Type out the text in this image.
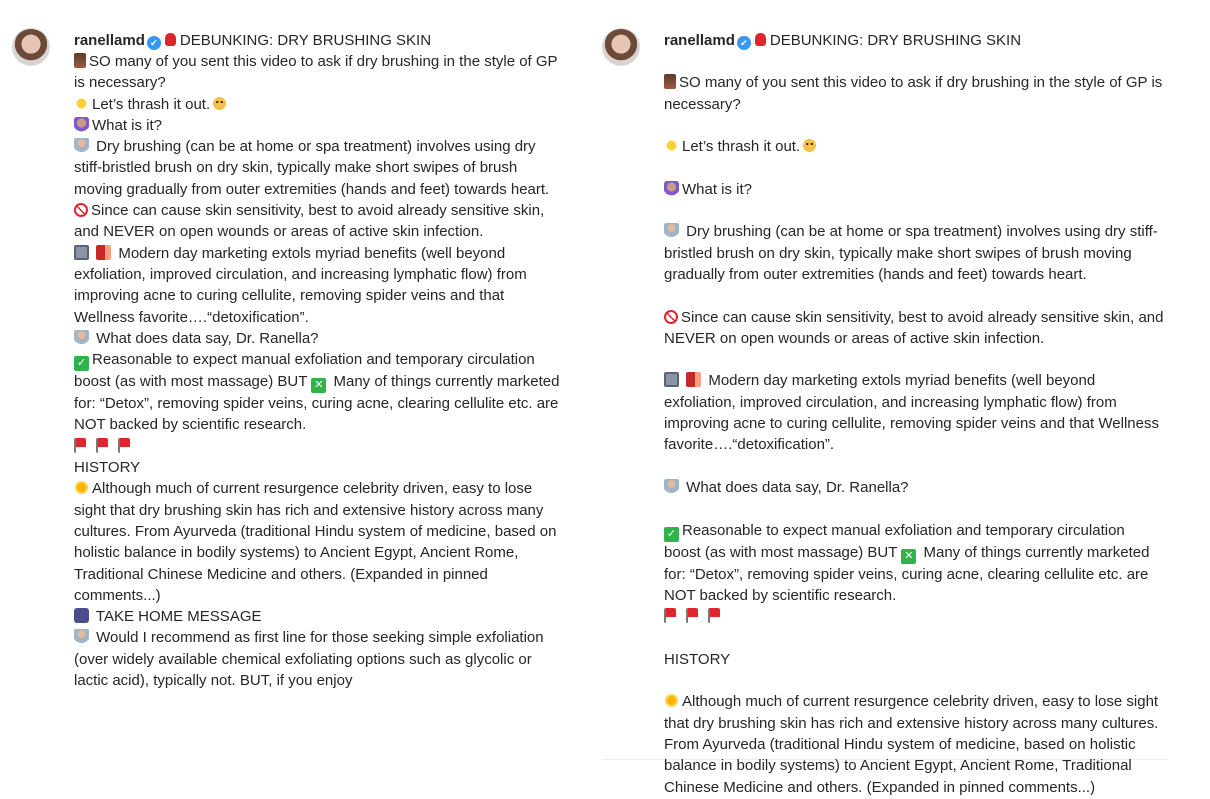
ranellamd ✔ DEBUNKING: DRY BRUSHING SKIN
SO many of you sent this video to ask if dry brushing in the style of GP is necessary?
Let’s thrash it out.
What is it?
Dry brushing (can be at home or spa treatment) involves using dry stiff-bristled brush on dry skin, typically make short swipes of brush moving gradually from outer extremities (hands and feet) towards heart.
Since can cause skin sensitivity, best to avoid already sensitive skin, and NEVER on open wounds or areas of active skin infection.
Modern day marketing extols myriad benefits (well beyond exfoliation, improved circulation, and increasing lymphatic flow) from improving acne to curing cellulite, removing spider veins and that Wellness favorite….“detoxification”.
What does data say, Dr. Ranella?
✓ Reasonable to expect manual exfoliation and temporary circulation boost (as with most massage) BUT ✕ Many of things currently marketed for: “Detox”, removing spider veins, curing acne, clearing cellulite etc. are NOT backed by scientific research.
HISTORY
Although much of current resurgence celebrity driven, easy to lose sight that dry brushing skin has rich and extensive history across many cultures. From Ayurveda (traditional Hindu system of medicine, based on holistic balance in bodily systems) to Ancient Egypt, Ancient Rome, Traditional Chinese Medicine and others. (Expanded in pinned comments...)
TAKE HOME MESSAGE
Would I recommend as first line for those seeking simple exfoliation (over widely available chemical exfoliating options such as glycolic or lactic acid), typically not. BUT, if you enjoy
ranellamd ✔ DEBUNKING: DRY BRUSHING SKIN
SO many of you sent this video to ask if dry brushing in the style of GP is necessary?
Let’s thrash it out.
What is it?
Dry brushing (can be at home or spa treatment) involves using dry stiff-bristled brush on dry skin, typically make short swipes of brush moving gradually from outer extremities (hands and feet) towards heart.
Since can cause skin sensitivity, best to avoid already sensitive skin, and NEVER on open wounds or areas of active skin infection.
Modern day marketing extols myriad benefits (well beyond exfoliation, improved circulation, and increasing lymphatic flow) from improving acne to curing cellulite, removing spider veins and that Wellness favorite….“detoxification”.
What does data say, Dr. Ranella?
✓ Reasonable to expect manual exfoliation and temporary circulation boost (as with most massage) BUT ✕ Many of things currently marketed for: “Detox”, removing spider veins, curing acne, clearing cellulite etc. are NOT backed by scientific research.
HISTORY
Although much of current resurgence celebrity driven, easy to lose sight that dry brushing skin has rich and extensive history across many cultures. From Ayurveda (traditional Hindu system of medicine, based on holistic balance in bodily systems) to Ancient Egypt, Ancient Rome, Traditional Chinese Medicine and others. (Expanded in pinned comments...)
